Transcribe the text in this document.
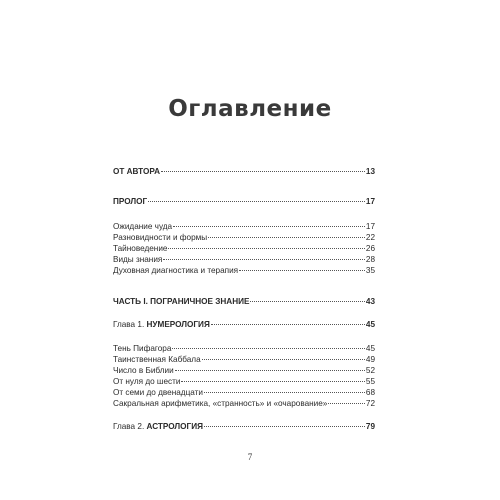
Оглавление
ОТ АВТОРА	13
ПРОЛОГ	17
Ожидание чуда	17
Разновидности и формы	22
Тайноведение	26
Виды знания	28
Духовная диагностика и терапия	35
ЧАСТЬ I. ПОГРАНИЧНОЕ ЗНАНИЕ	43
Глава 1. НУМЕРОЛОГИЯ	45
Тень Пифагора	45
Таинственная Каббала	49
Число в Библии	52
От нуля до шести	55
От семи до двенадцати	68
Сакральная арифметика, «странность» и «очарование»	72
Глава 2. АСТРОЛОГИЯ	79
7
